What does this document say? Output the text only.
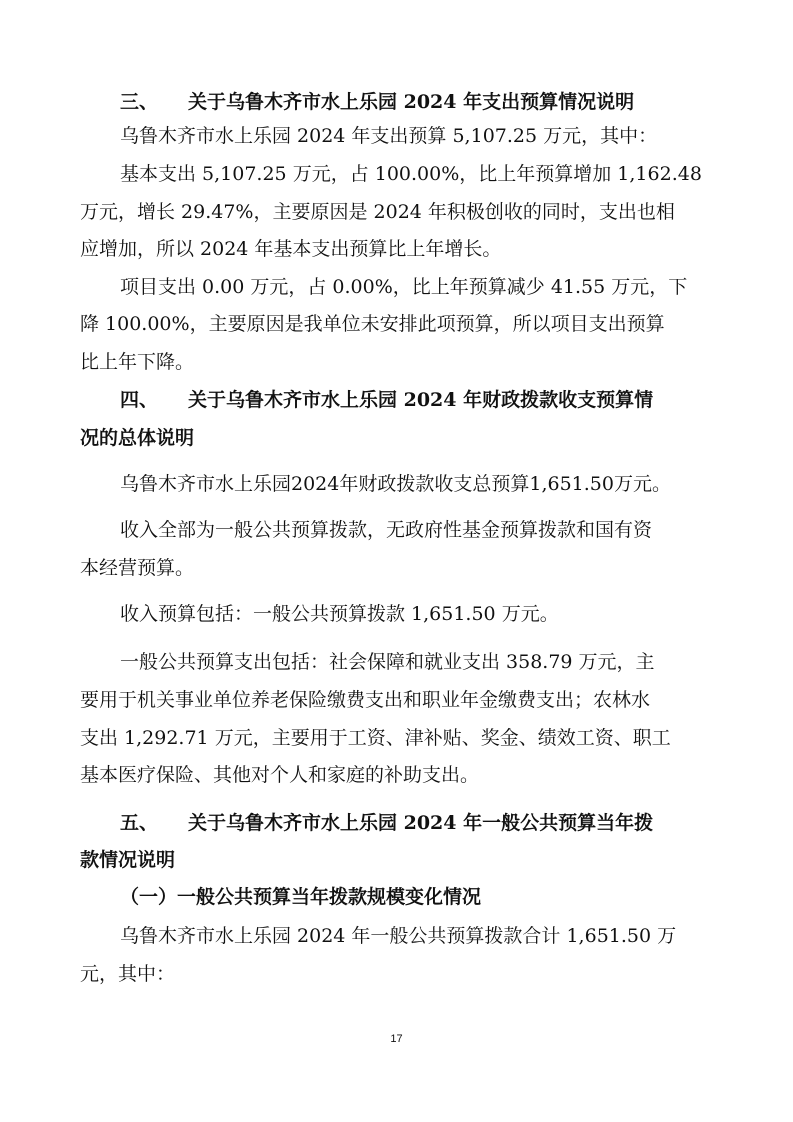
三、 关于乌鲁木齐市水上乐园 2024 年支出预算情况说明
乌鲁木齐市水上乐园 2024 年支出预算 5,107.25 万元，其中：
基本支出 5,107.25 万元，占 100.00%，比上年预算增加 1,162.48
万元，增长 29.47%，主要原因是 2024 年积极创收的同时，支出也相
应增加，所以 2024 年基本支出预算比上年增长。
项目支出 0.00 万元，占 0.00%，比上年预算减少 41.55 万元，下
降 100.00%，主要原因是我单位未安排此项预算，所以项目支出预算
比上年下降。
四、 关于乌鲁木齐市水上乐园 2024 年财政拨款收支预算情
况的总体说明
乌鲁木齐市水上乐园2024年财政拨款收支总预算1,651.50万元。
收入全部为一般公共预算拨款，无政府性基金预算拨款和国有资
本经营预算。
收入预算包括：一般公共预算拨款 1,651.50 万元。
一般公共预算支出包括：社会保障和就业支出 358.79 万元，主
要用于机关事业单位养老保险缴费支出和职业年金缴费支出；农林水
支出 1,292.71 万元，主要用于工资、津补贴、奖金、绩效工资、职工
基本医疗保险、其他对个人和家庭的补助支出。
五、 关于乌鲁木齐市水上乐园 2024 年一般公共预算当年拨
款情况说明
（一）一般公共预算当年拨款规模变化情况
乌鲁木齐市水上乐园 2024 年一般公共预算拨款合计 1,651.50 万
元，其中：
17
